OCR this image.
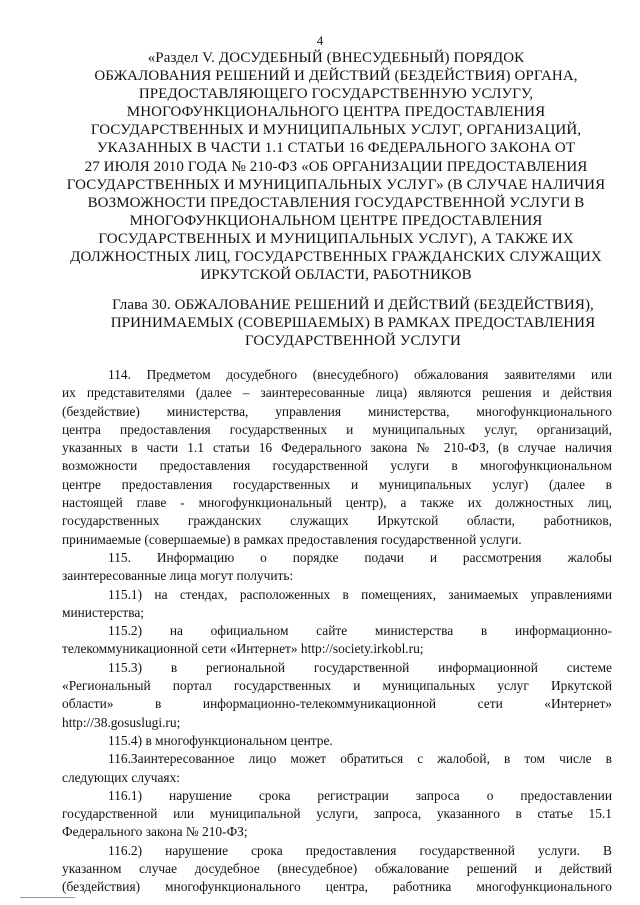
4
«Раздел V. ДОСУДЕБНЫЙ (ВНЕСУДЕБНЫЙ) ПОРЯДОК
ОБЖАЛОВАНИЯ РЕШЕНИЙ И ДЕЙСТВИЙ (БЕЗДЕЙСТВИЯ) ОРГАНА,
ПРЕДОСТАВЛЯЮЩЕГО ГОСУДАРСТВЕННУЮ УСЛУГУ,
МНОГОФУНКЦИОНАЛЬНОГО ЦЕНТРА ПРЕДОСТАВЛЕНИЯ
ГОСУДАРСТВЕННЫХ И МУНИЦИПАЛЬНЫХ УСЛУГ, ОРГАНИЗАЦИЙ,
УКАЗАННЫХ В ЧАСТИ 1.1 СТАТЬИ 16 ФЕДЕРАЛЬНОГО ЗАКОНА ОТ
27 ИЮЛЯ 2010 ГОДА № 210-ФЗ «ОБ ОРГАНИЗАЦИИ ПРЕДОСТАВЛЕНИЯ
ГОСУДАРСТВЕННЫХ И МУНИЦИПАЛЬНЫХ УСЛУГ» (В СЛУЧАЕ НАЛИЧИЯ
ВОЗМОЖНОСТИ ПРЕДОСТАВЛЕНИЯ ГОСУДАРСТВЕННОЙ УСЛУГИ В
МНОГОФУНКЦИОНАЛЬНОМ ЦЕНТРЕ ПРЕДОСТАВЛЕНИЯ
ГОСУДАРСТВЕННЫХ И МУНИЦИПАЛЬНЫХ УСЛУГ), А ТАКЖЕ ИХ
ДОЛЖНОСТНЫХ ЛИЦ, ГОСУДАРСТВЕННЫХ ГРАЖДАНСКИХ СЛУЖАЩИХ
ИРКУТСКОЙ ОБЛАСТИ, РАБОТНИКОВ
Глава 30. ОБЖАЛОВАНИЕ РЕШЕНИЙ И ДЕЙСТВИЙ (БЕЗДЕЙСТВИЯ),
ПРИНИМАЕМЫХ (СОВЕРШАЕМЫХ) В РАМКАХ ПРЕДОСТАВЛЕНИЯ
ГОСУДАРСТВЕННОЙ УСЛУГИ
114. Предметом досудебного (внесудебного) обжалования заявителями или
их представителями (далее – заинтересованные лица) являются решения и действия
(бездействие) министерства, управления министерства, многофункционального
центра предоставления государственных и муниципальных услуг, организаций,
указанных в части 1.1 статьи 16 Федерального закона № 210-ФЗ, (в случае наличия
возможности предоставления государственной услуги в многофункциональном
центре предоставления государственных и муниципальных услуг) (далее в
настоящей главе - многофункциональный центр), а также их должностных лиц,
государственных гражданских служащих Иркутской области, работников,
принимаемые (совершаемые) в рамках предоставления государственной услуги.
115. Информацию о порядке подачи и рассмотрения жалобы
заинтересованные лица могут получить:
115.1) на стендах, расположенных в помещениях, занимаемых управлениями
министерства;
115.2) на официальном сайте министерства в информационно-
телекоммуникационной сети «Интернет» http://society.irkobl.ru;
115.3) в региональной государственной информационной системе
«Региональный портал государственных и муниципальных услуг Иркутской
области» в информационно-телекоммуникационной сети «Интернет»
http://38.gosuslugi.ru;
115.4) в многофункциональном центре.
116.Заинтересованное лицо может обратиться с жалобой, в том числе в
следующих случаях:
116.1) нарушение срока регистрации запроса о предоставлении
государственной или муниципальной услуги, запроса, указанного в статье 15.1
Федерального закона № 210-ФЗ;
116.2) нарушение срока предоставления государственной услуги. В
указанном случае досудебное (внесудебное) обжалование решений и действий
(бездействия) многофункционального центра, работника многофункционального
